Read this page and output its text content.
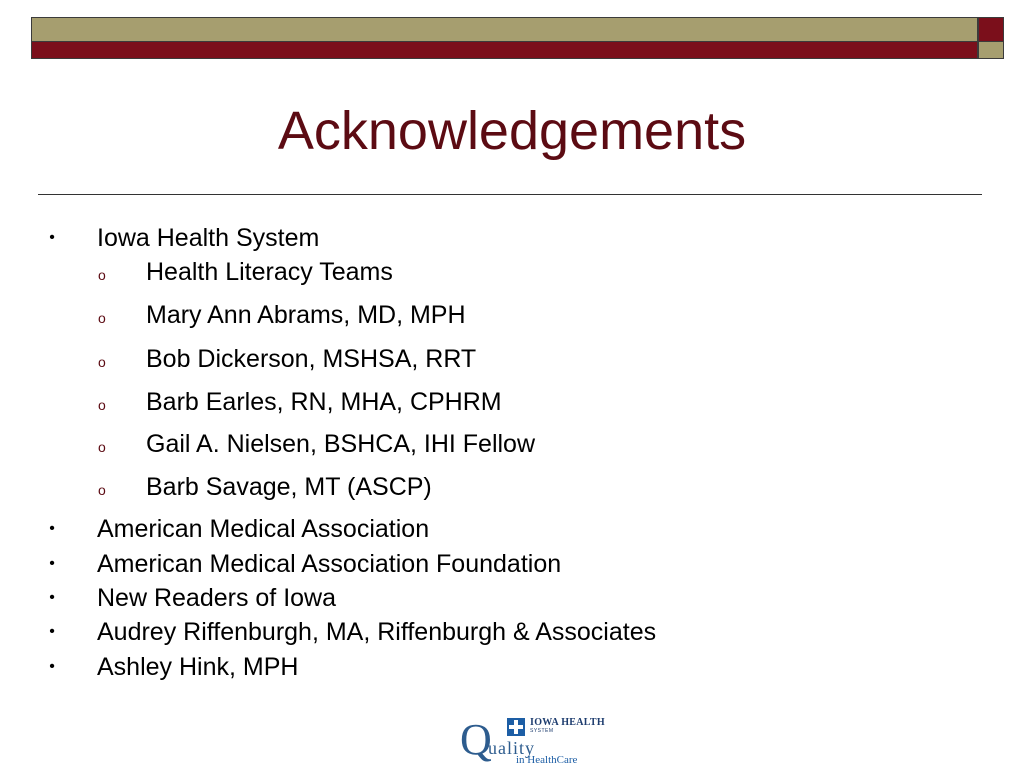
Acknowledgements
• Iowa Health System
o Health Literacy Teams
o Mary Ann Abrams, MD, MPH
o Bob Dickerson, MSHSA, RRT
o Barb Earles, RN, MHA, CPHRM
o Gail A. Nielsen, BSHCA, IHI Fellow
o Barb Savage, MT (ASCP)
• American Medical Association
• American Medical Association Foundation
• New Readers of Iowa
• Audrey Riffenburgh, MA, Riffenburgh & Associates
• Ashley Hink, MPH
IOWA HEALTH
SYSTEM
Q
uality
in HealthCare
